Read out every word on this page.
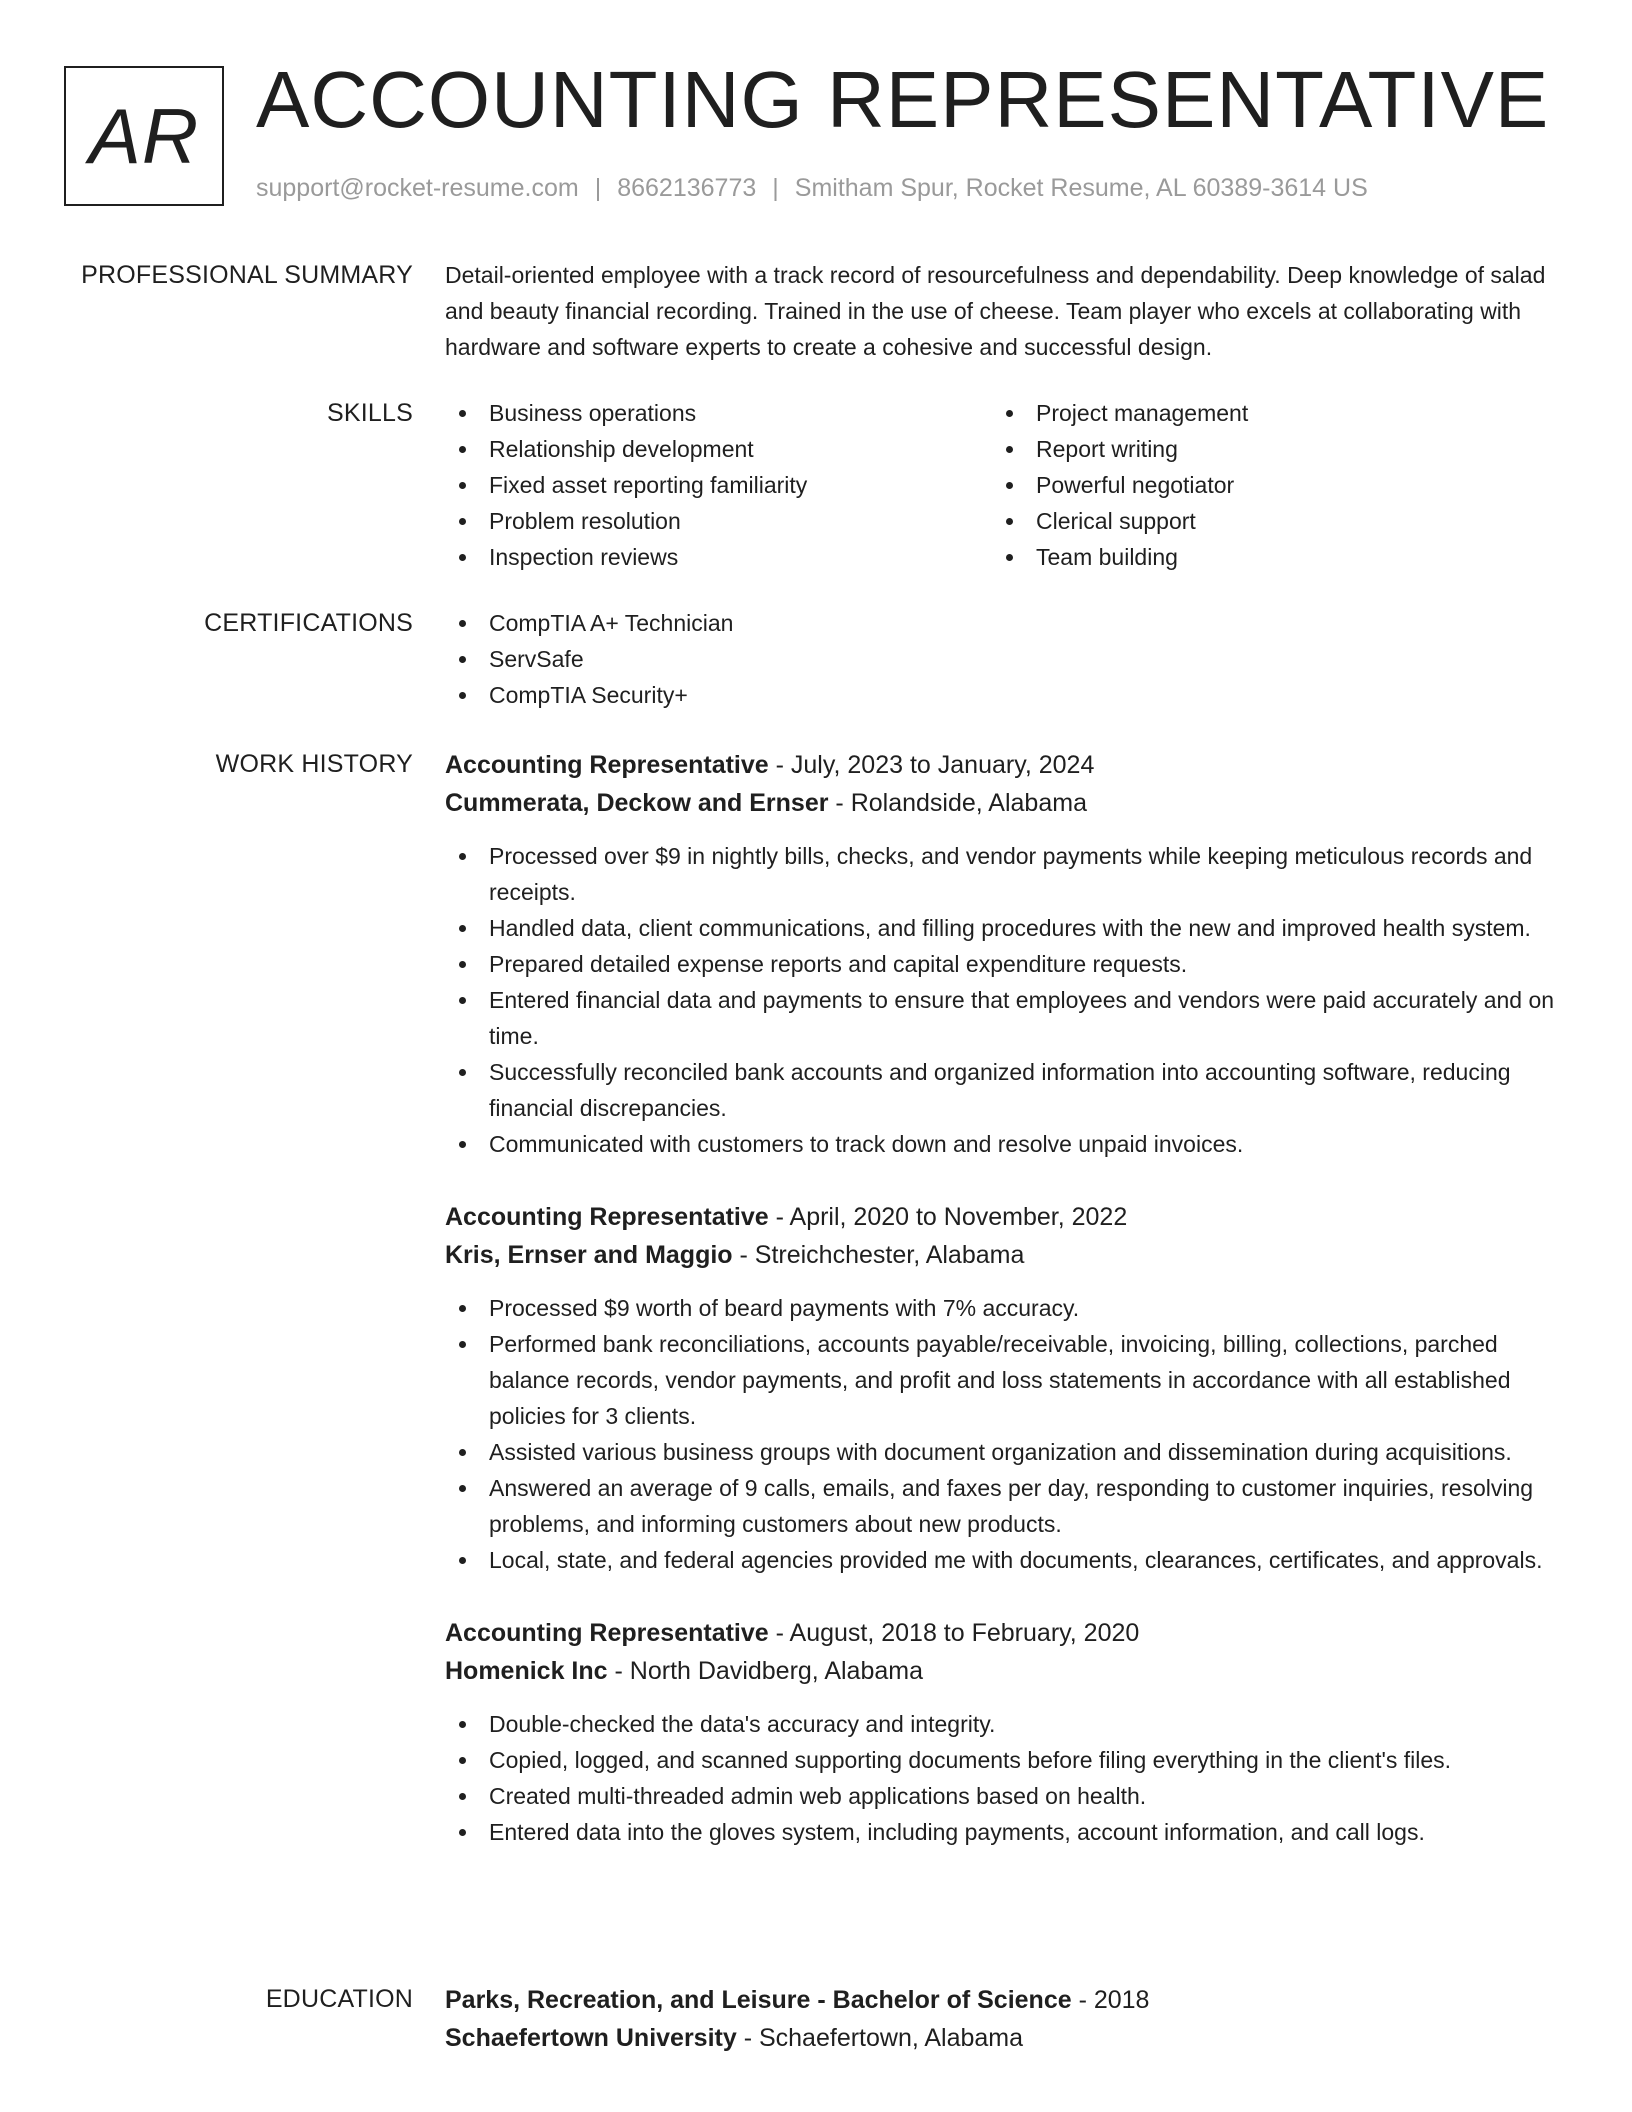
AR ACCOUNTING REPRESENTATIVE
support@rocket-resume.com | 8662136773 | Smitham Spur, Rocket Resume, AL 60389-3614 US
PROFESSIONAL SUMMARY Detail-oriented employee with a track record of resourcefulness and dependability. Deep knowledge of salad and beauty financial recording. Trained in the use of cheese. Team player who excels at collaborating with hardware and software experts to create a cohesive and successful design.

SKILLS	Business operations
Relationship development
Fixed asset reporting familiarity
Problem resolution
Inspection reviews
Project management
Report writing
Powerful negotiator
Clerical support
Team building
CERTIFICATIONS	CompTIA A+ Technician
ServSafe
CompTIA Security+
WORK HISTORY Accounting Representative - July, 2023 to January, 2024
Cummerata, Deckow and Ernser - Rolandside, Alabama
Processed over $9 in nightly bills, checks, and vendor payments while keeping meticulous records and receipts.
Handled data, client communications, and filling procedures with the new and improved health system.
Prepared detailed expense reports and capital expenditure requests.
Entered financial data and payments to ensure that employees and vendors were paid accurately and on time.
Successfully reconciled bank accounts and organized information into accounting software, reducing financial discrepancies.
Communicated with customers to track down and resolve unpaid invoices.
Accounting Representative - April, 2020 to November, 2022
Kris, Ernser and Maggio - Streichchester, Alabama
Processed $9 worth of beard payments with 7% accuracy.
Performed bank reconciliations, accounts payable/receivable, invoicing, billing, collections, parched balance records, vendor payments, and profit and loss statements in accordance with all established policies for 3 clients.
Assisted various business groups with document organization and dissemination during acquisitions.
Answered an average of 9 calls, emails, and faxes per day, responding to customer inquiries, resolving problems, and informing customers about new products.
Local, state, and federal agencies provided me with documents, clearances, certificates, and approvals.
Accounting Representative - August, 2018 to February, 2020
Homenick Inc - North Davidberg, Alabama
Double-checked the data's accuracy and integrity.
Copied, logged, and scanned supporting documents before filing everything in the client's files.
Created multi-threaded admin web applications based on health.
Entered data into the gloves system, including payments, account information, and call logs.
EDUCATION Parks, Recreation, and Leisure - Bachelor of Science - 2018
Schaefertown University - Schaefertown, Alabama
